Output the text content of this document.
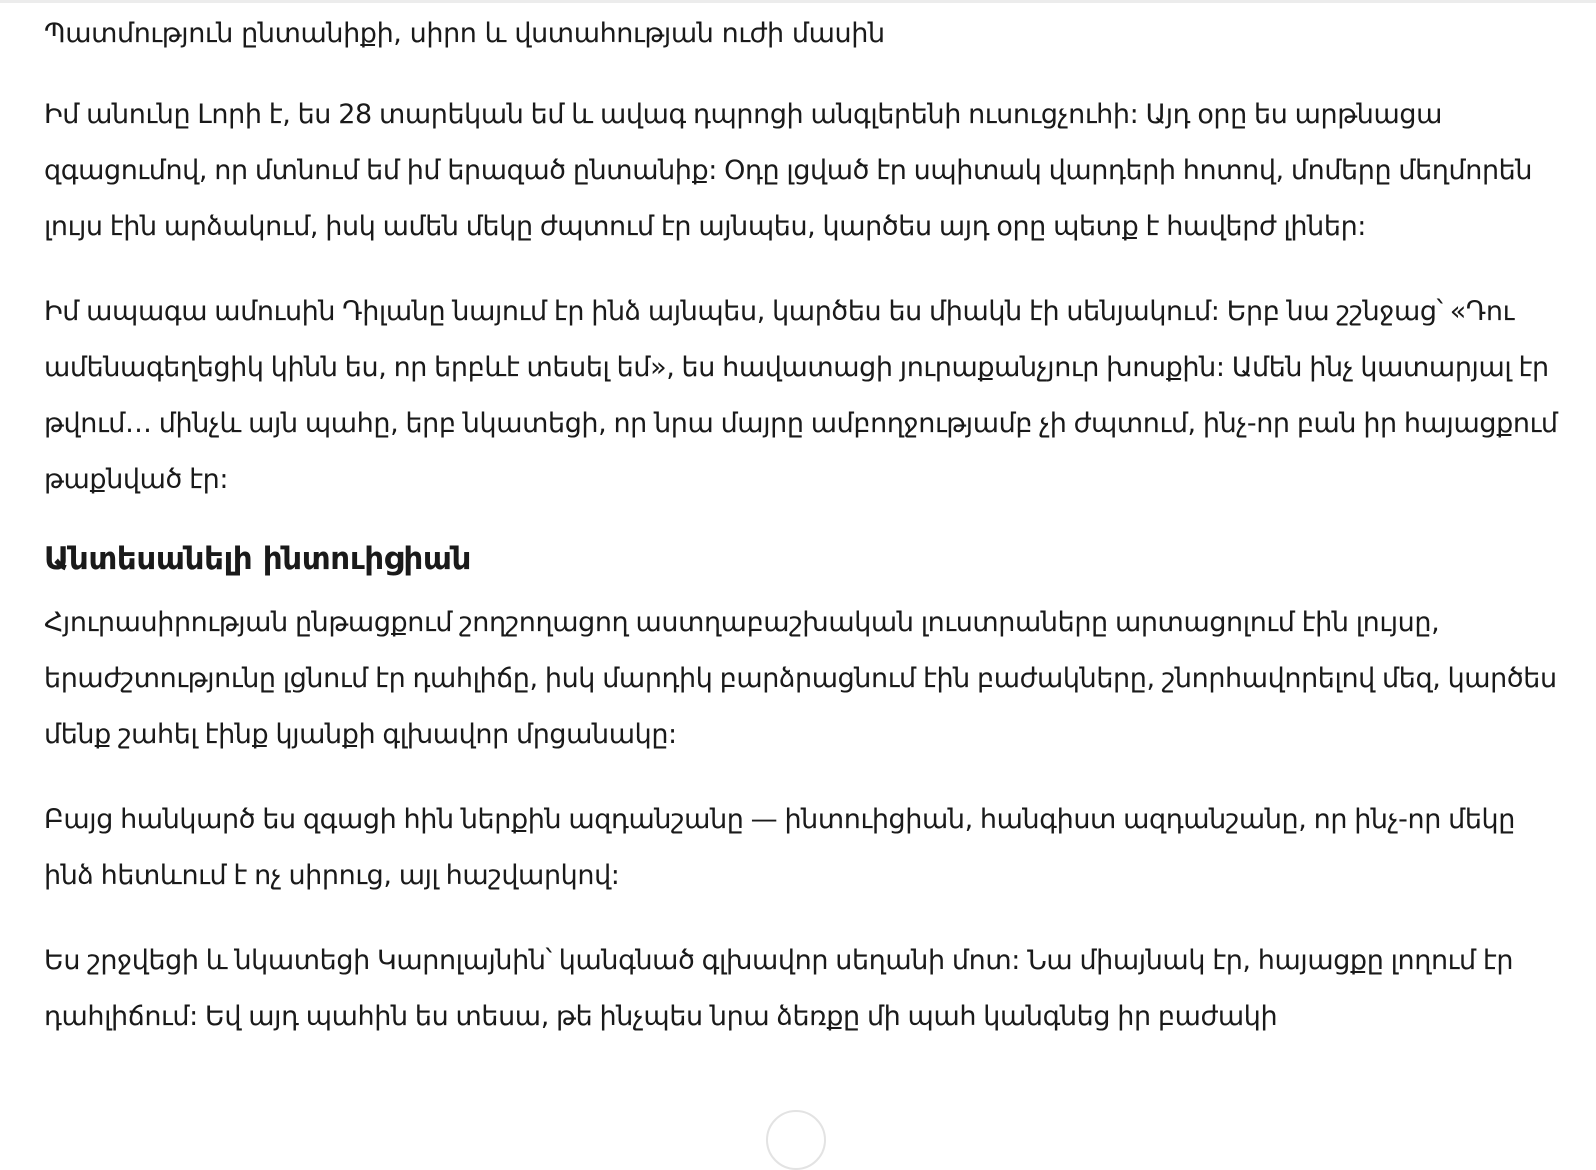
Պատմություն ընտանիքի, սիրո և վստահության ուժի մասին

Իմ անունը Լորի է, ես 28 տարեկան եմ և ավագ դպրոցի անգլերենի ուսուցչուհի: Այդ օրը ես արթնացա զգացումով, որ մտնում եմ իմ երազած ընտանիք: Օդը լցված էր սպիտակ վարդերի հոտով, մոմերը մեղմորեն լույս էին արձակում, իսկ ամեն մեկը ժպտում էր այնպես, կարծես այդ օրը պետք է հավերժ լիներ:

Իմ ապագա ամուսին Դիլանը նայում էր ինձ այնպես, կարծես ես միակն էի սենյակում: Երբ նա շշնջաց՝ «Դու ամենագեղեցիկ կինն ես, որ երբևէ տեսել եմ», ես հավատացի յուրաքանչյուր խոսքին: Ամեն ինչ կատարյալ էր թվում… մինչև այն պահը, երբ նկատեցի, որ նրա մայրը ամբողջությամբ չի ժպտում, ինչ-որ բան իր հայացքում թաքնված էր:

Անտեսանելի ինտուիցիան

Հյուրասիրության ընթացքում շողշողացող աստղաբաշխական լուստրաները արտացոլում էին լույսը, երաժշտությունը լցնում էր դահլիճը, իսկ մարդիկ բարձրացնում էին բաժակները, շնորհավորելով մեզ, կարծես մենք շահել էինք կյանքի գլխավոր մրցանակը:

Բայց հանկարծ ես զգացի հին ներքին ազդանշանը — ինտուիցիան, հանգիստ ազդանշանը, որ ինչ-որ մեկը ինձ հետևում է ոչ սիրուց, այլ հաշվարկով:

Ես շրջվեցի և նկատեցի Կարոլայնին՝ կանգնած գլխավոր սեղանի մոտ: Նա միայնակ էր, հայացքը լողում էր դահլիճում: Եվ այդ պահին ես տեսա, թե ինչպես նրա ձեռքը մի պահ կանգնեց իր բաժակի
